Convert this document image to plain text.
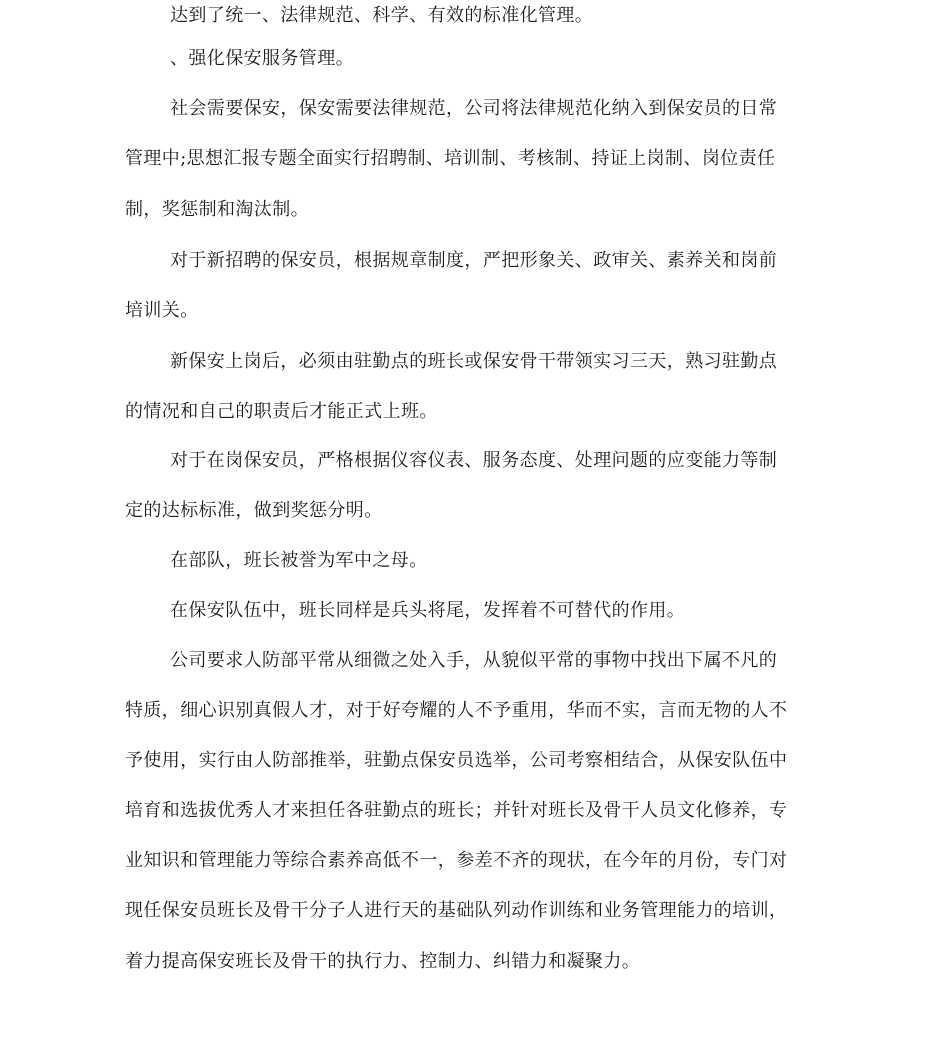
达到了统一、法律规范、科学、有效的标准化管理。

、强化保安服务管理。

社会需要保安，保安需要法律规范，公司将法律规范化纳入到保安员的日常

管理中;思想汇报专题全面实行招聘制、培训制、考核制、持证上岗制、岗位责任

制，奖惩制和淘汰制。

对于新招聘的保安员，根据规章制度，严把形象关、政审关、素养关和岗前

培训关。

新保安上岗后，必须由驻勤点的班长或保安骨干带领实习三天，熟习驻勤点

的情况和自己的职责后才能正式上班。

对于在岗保安员，严格根据仪容仪表、服务态度、处理问题的应变能力等制

定的达标标准，做到奖惩分明。

在部队，班长被誉为军中之母。

在保安队伍中，班长同样是兵头将尾，发挥着不可替代的作用。

公司要求人防部平常从细微之处入手，从貌似平常的事物中找出下属不凡的

特质，细心识别真假人才，对于好夸耀的人不予重用，华而不实，言而无物的人不

予使用，实行由人防部推举，驻勤点保安员选举，公司考察相结合，从保安队伍中

培育和选拔优秀人才来担任各驻勤点的班长；并针对班长及骨干人员文化修养，专

业知识和管理能力等综合素养高低不一，参差不齐的现状，在今年的月份，专门对

现任保安员班长及骨干分子人进行天的基础队列动作训练和业务管理能力的培训，

着力提高保安班长及骨干的执行力、控制力、纠错力和凝聚力。
